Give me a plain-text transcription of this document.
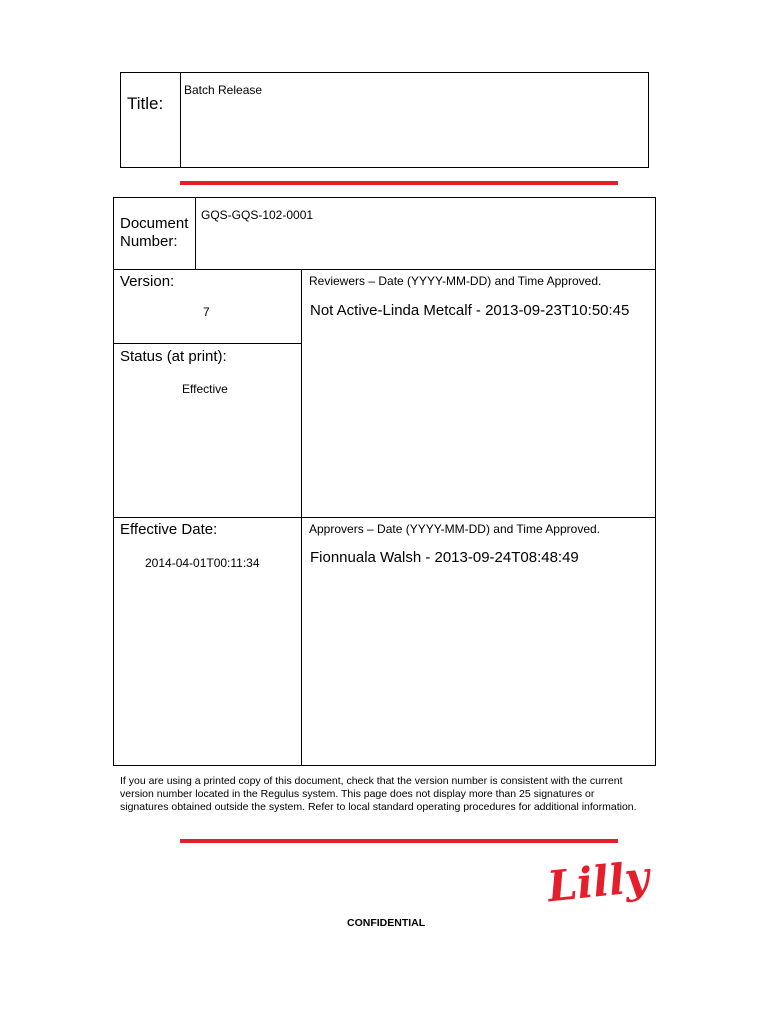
Title:
Batch Release
Document
Number:
GQS-GQS-102-0001
Version:
7
Status (at print):
Effective
Effective Date:
2014-04-01T00:11:34
Reviewers – Date (YYYY-MM-DD) and Time Approved.
Not Active-Linda Metcalf - 2013-09-23T10:50:45
Approvers – Date (YYYY-MM-DD) and Time Approved.
Fionnuala Walsh - 2013-09-24T08:48:49
If you are using a printed copy of this document, check that the version number is consistent with the current version number located in the Regulus system. This page does not display more than 25 signatures or signatures obtained outside the system. Refer to local standard operating procedures for additional information.
Lilly
CONFIDENTIAL
